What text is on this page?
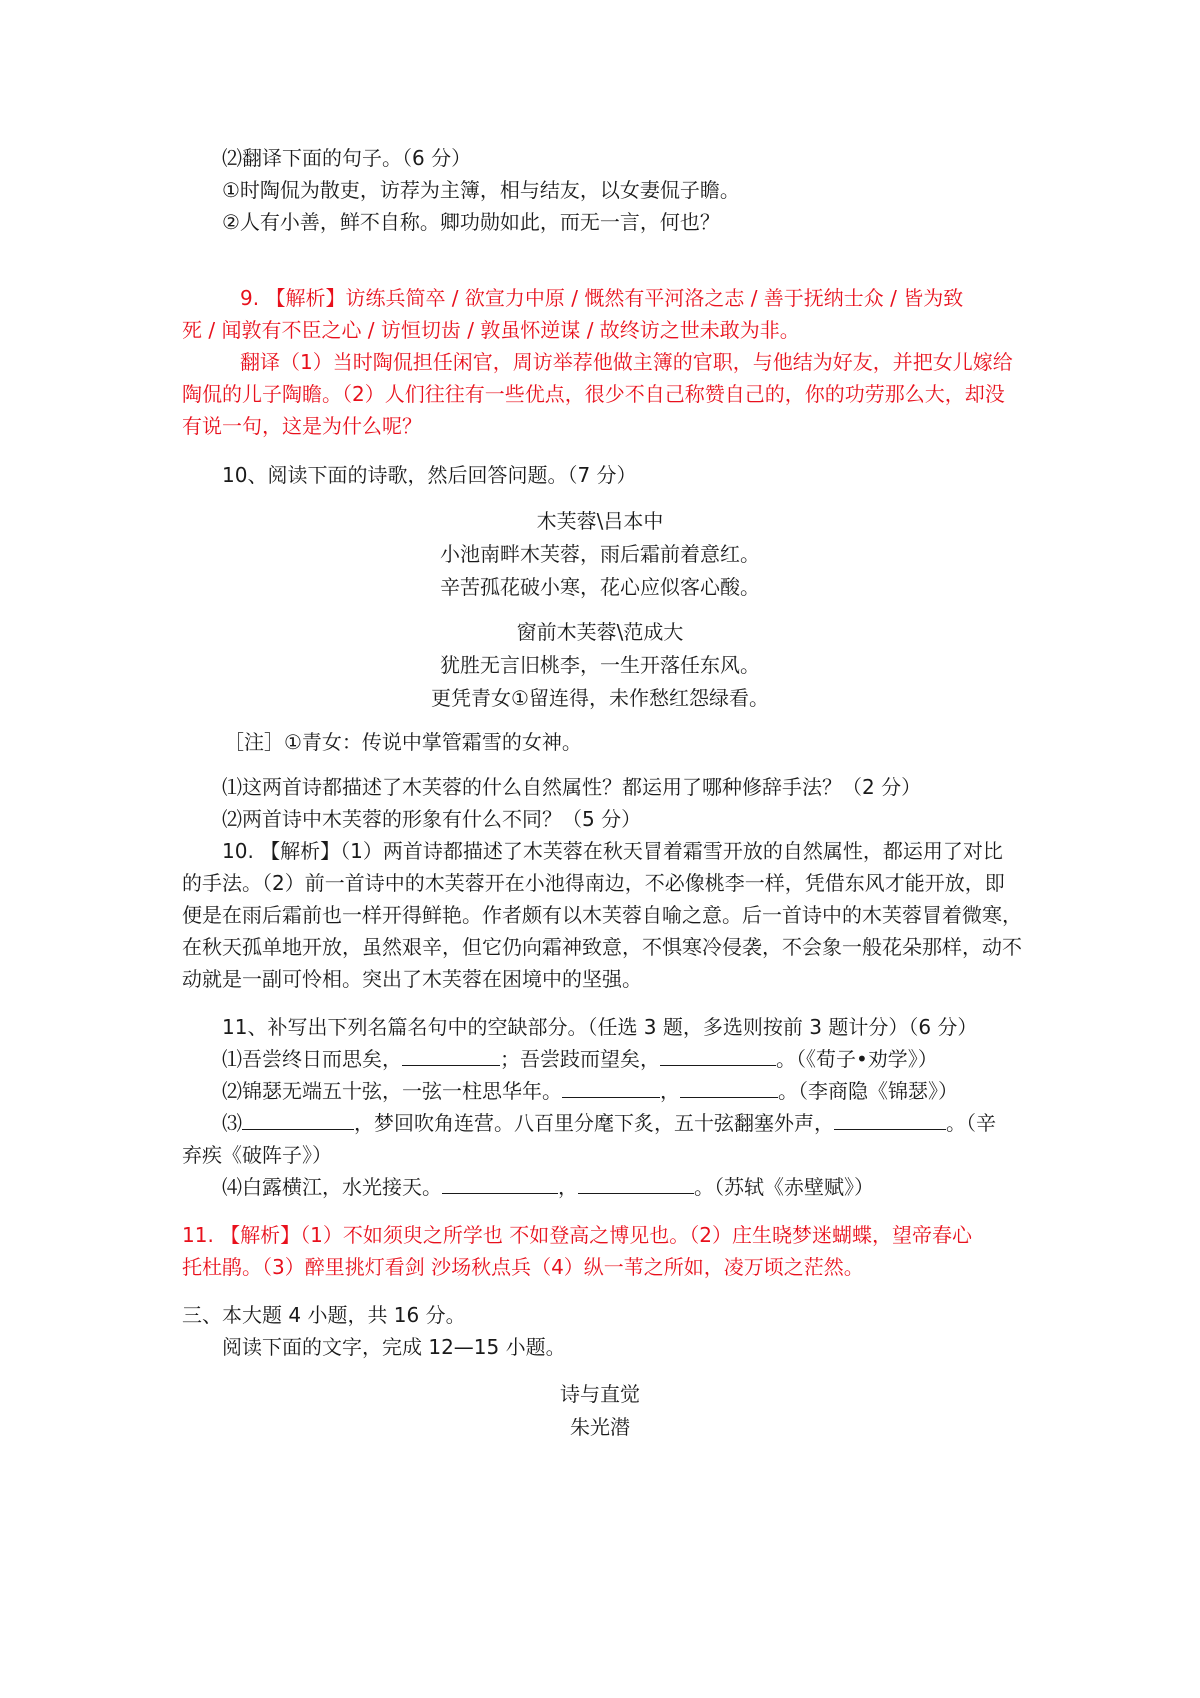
⑵翻译下面的句子。（6 分）
①时陶侃为散吏，访荐为主簿，相与结友，以女妻侃子瞻。
②人有小善，鲜不自称。卿功勋如此，而无一言，何也？
9. 【解析】访练兵简卒 / 欲宣力中原 / 慨然有平河洛之志 / 善于抚纳士众 / 皆为致
死 / 闻敦有不臣之心 / 访恒切齿 / 敦虽怀逆谋 / 故终访之世未敢为非。
翻译（1）当时陶侃担任闲官，周访举荐他做主簿的官职，与他结为好友，并把女儿嫁给
陶侃的儿子陶瞻。（2）人们往往有一些优点，很少不自己称赞自己的，你的功劳那么大，却没
有说一句，这是为什么呢？
10、阅读下面的诗歌，然后回答问题。（7 分）
木芙蓉\吕本中
小池南畔木芙蓉，雨后霜前着意红。
辛苦孤花破小寒，花心应似客心酸。
窗前木芙蓉\范成大
犹胜无言旧桃李，一生开落任东风。
更凭青女①留连得，未作愁红怨绿看。
［注］①青女：传说中掌管霜雪的女神。
⑴这两首诗都描述了木芙蓉的什么自然属性？都运用了哪种修辞手法？（2 分）
⑵两首诗中木芙蓉的形象有什么不同？（5 分）
10. 【解析】（1）两首诗都描述了木芙蓉在秋天冒着霜雪开放的自然属性，都运用了对比
的手法。（2）前一首诗中的木芙蓉开在小池得南边，不必像桃李一样，凭借东风才能开放，即
便是在雨后霜前也一样开得鲜艳。作者颇有以木芙蓉自喻之意。后一首诗中的木芙蓉冒着微寒，
在秋天孤单地开放，虽然艰辛，但它仍向霜神致意，不惧寒冷侵袭，不会象一般花朵那样，动不
动就是一副可怜相。突出了木芙蓉在困境中的坚强。
11、补写出下列名篇名句中的空缺部分。（任选 3 题，多选则按前 3 题计分）（6 分）
⑴吾尝终日而思矣，	；吾尝跂而望矣，	。（《荀子•劝学》）
⑵锦瑟无端五十弦，一弦一柱思华年。	，	。（李商隐《锦瑟》）
⑶	，梦回吹角连营。八百里分麾下炙，五十弦翻塞外声，	。（辛
弃疾《破阵子》）
⑷白露横江，水光接天。	，	。（苏轼《赤壁赋》）
11. 【解析】（1）不如须臾之所学也 不如登高之博见也。（2）庄生晓梦迷蝴蝶，望帝春心
托杜鹃。（3）醉里挑灯看剑 沙场秋点兵（4）纵一苇之所如，凌万顷之茫然。
三、本大题 4 小题，共 16 分。
阅读下面的文字，完成 12—15 小题。
诗与直觉
朱光潜
